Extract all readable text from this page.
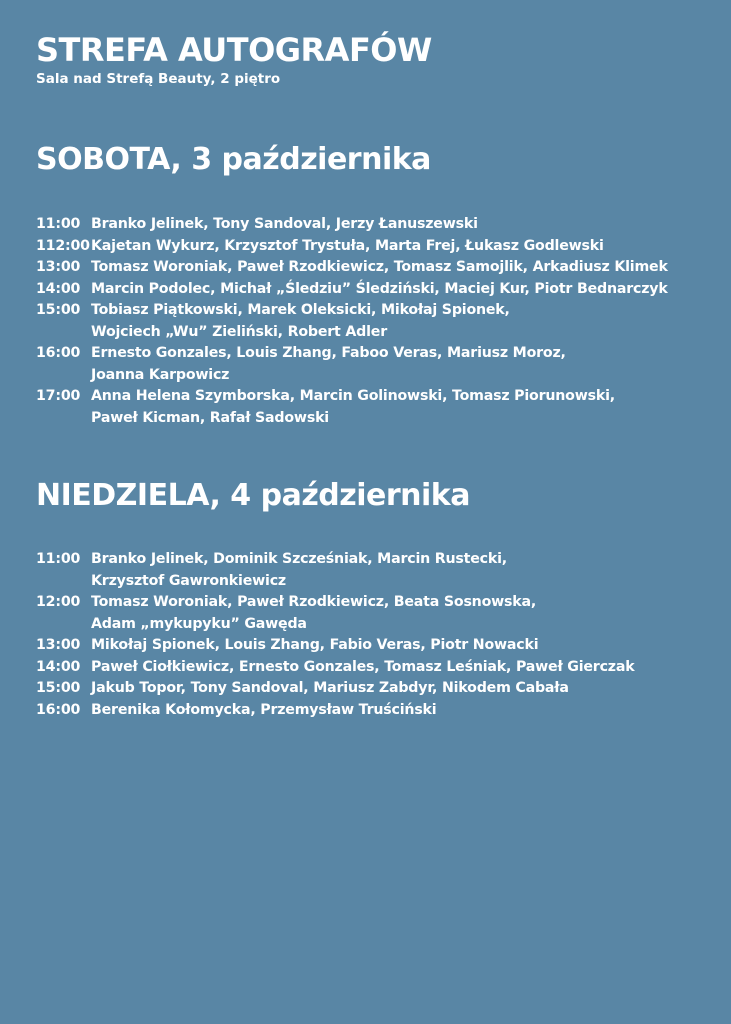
STREFA AUTOGRAFÓW
Sala nad Strefą Beauty, 2 piętro
SOBOTA, 3 października
11:00 Branko Jelinek, Tony Sandoval, Jerzy Łanuszewski
112:00 Kajetan Wykurz, Krzysztof Trystuła, Marta Frej, Łukasz Godlewski
13:00 Tomasz Woroniak, Paweł Rzodkiewicz, Tomasz Samojlik, Arkadiusz Klimek
14:00 Marcin Podolec, Michał „Śledziu” Śledziński, Maciej Kur, Piotr Bednarczyk
15:00 Tobiasz Piątkowski, Marek Oleksicki, Mikołaj Spionek,
Wojciech „Wu” Zieliński, Robert Adler
16:00 Ernesto Gonzales, Louis Zhang, Faboo Veras, Mariusz Moroz,
Joanna Karpowicz
17:00 Anna Helena Szymborska, Marcin Golinowski, Tomasz Piorunowski,
Paweł Kicman, Rafał Sadowski
NIEDZIELA, 4 października
11:00 Branko Jelinek, Dominik Szcześniak, Marcin Rustecki,
Krzysztof Gawronkiewicz
12:00 Tomasz Woroniak, Paweł Rzodkiewicz, Beata Sosnowska,
Adam „mykupyku” Gawęda
13:00 Mikołaj Spionek, Louis Zhang, Fabio Veras, Piotr Nowacki
14:00 Paweł Ciołkiewicz, Ernesto Gonzales, Tomasz Leśniak, Paweł Gierczak
15:00 Jakub Topor, Tony Sandoval, Mariusz Zabdyr, Nikodem Cabała
16:00 Berenika Kołomycka, Przemysław Truściński
